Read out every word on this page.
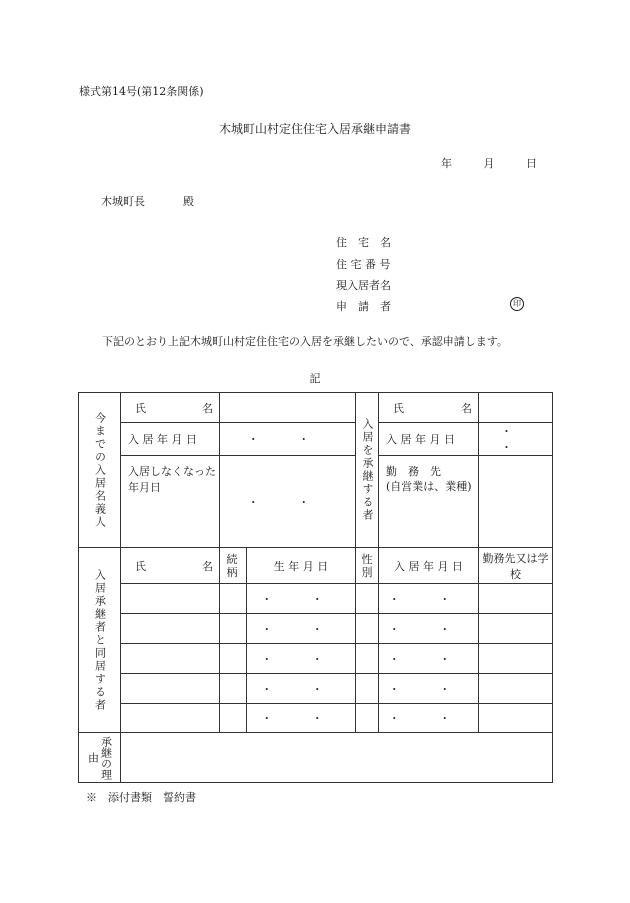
様式第14号(第12条関係)
木城町山村定住住宅入居承継申請書
年	月	日
木城町長	殿
住　宅　名
住 宅 番 号
現入居者名
申　請　者	印
下記のとおり上記木城町山村定住住宅の入居を承継したいので、承認申請します。
記
今までの入居名義人	氏 名			入居を承継する者	氏 名	

	入 居 年 月 日	・ ・			入 居 年 月 日	・ ・
	入居しなくなった年月日	・ ・			勤　務　先
(自営業は、業種)	

入居承継者と同居する者	氏 名	続柄	生 年 月 日	性別	入 居 年 月 日	勤務先又は学校
			・ ・		・ ・	
			・ ・		・ ・	
			・ ・		・ ・	
			・ ・		・ ・	
			・ ・		・ ・	

承継の理由						

※　添付書類　誓約書
